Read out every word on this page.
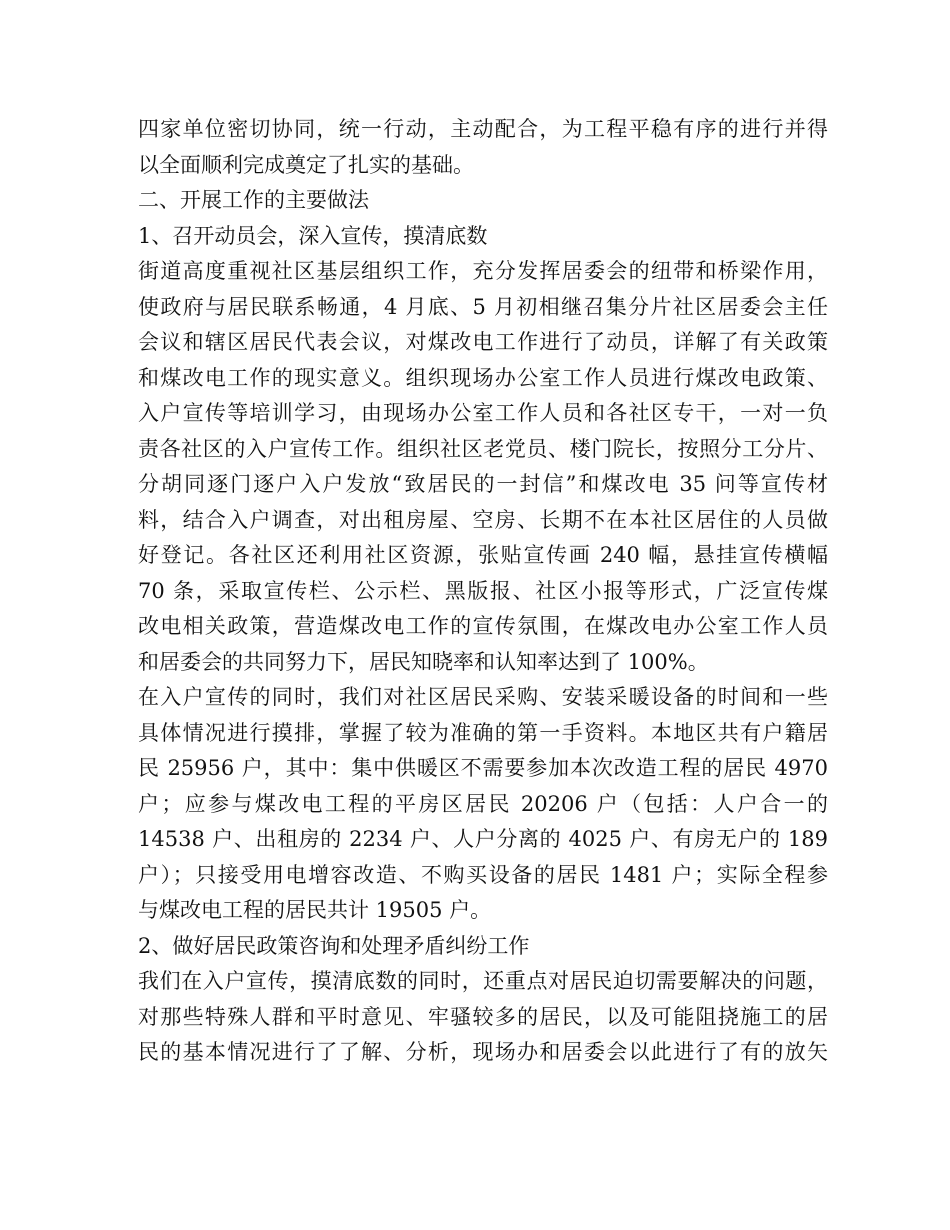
四家单位密切协同，统一行动，主动配合，为工程平稳有序的进行并得
以全面顺利完成奠定了扎实的基础。
二、开展工作的主要做法
1、召开动员会，深入宣传，摸清底数
街道高度重视社区基层组织工作，充分发挥居委会的纽带和桥梁作用，
使政府与居民联系畅通，4 月底、5 月初相继召集分片社区居委会主任
会议和辖区居民代表会议，对煤改电工作进行了动员，详解了有关政策
和煤改电工作的现实意义。组织现场办公室工作人员进行煤改电政策、
入户宣传等培训学习，由现场办公室工作人员和各社区专干，一对一负
责各社区的入户宣传工作。组织社区老党员、楼门院长，按照分工分片、
分胡同逐门逐户入户发放“致居民的一封信”和煤改电 35 问等宣传材
料，结合入户调查，对出租房屋、空房、长期不在本社区居住的人员做
好登记。各社区还利用社区资源，张贴宣传画 240 幅，悬挂宣传横幅
70 条，采取宣传栏、公示栏、黑版报、社区小报等形式，广泛宣传煤
改电相关政策，营造煤改电工作的宣传氛围，在煤改电办公室工作人员
和居委会的共同努力下，居民知晓率和认知率达到了 100%。
在入户宣传的同时，我们对社区居民采购、安装采暖设备的时间和一些
具体情况进行摸排，掌握了较为准确的第一手资料。本地区共有户籍居
民 25956 户，其中：集中供暖区不需要参加本次改造工程的居民 4970
户；应参与煤改电工程的平房区居民 20206 户（包括：人户合一的
14538 户、出租房的 2234 户、人户分离的 4025 户、有房无户的 189
户）；只接受用电增容改造、不购买设备的居民 1481 户；实际全程参
与煤改电工程的居民共计 19505 户。
2、做好居民政策咨询和处理矛盾纠纷工作
我们在入户宣传，摸清底数的同时，还重点对居民迫切需要解决的问题，
对那些特殊人群和平时意见、牢骚较多的居民，以及可能阻挠施工的居
民的基本情况进行了了解、分析，现场办和居委会以此进行了有的放矢
